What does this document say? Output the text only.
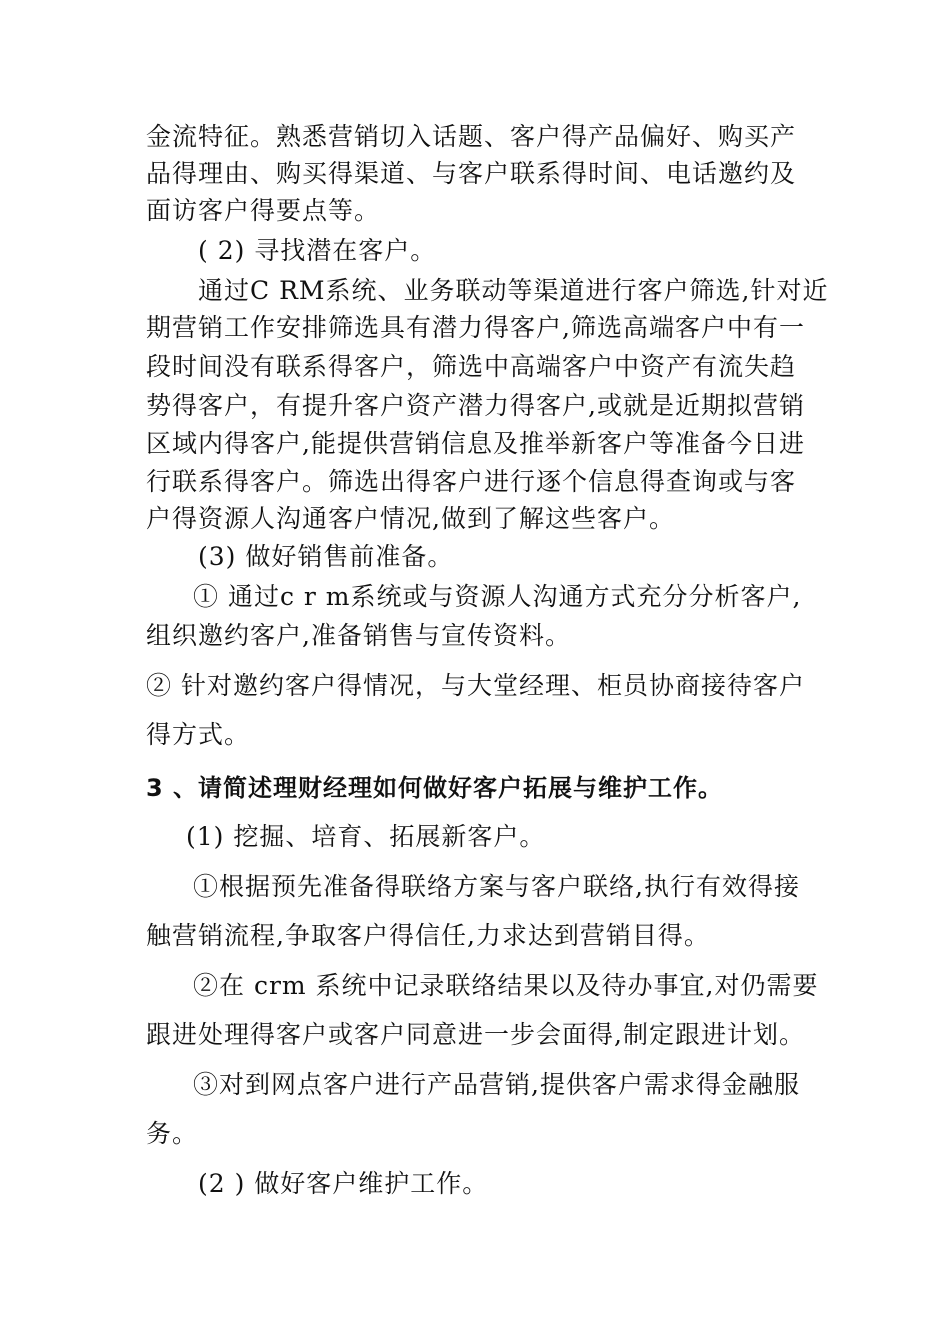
金流特征。熟悉营销切入话题、客户得产品偏好、购买产
品得理由、购买得渠道、与客户联系得时间、电话邀约及
面访客户得要点等。
( 2) 寻找潜在客户。
通过C RM系统、业务联动等渠道进行客户筛选,针对近
期营销工作安排筛选具有潜力得客户,筛选高端客户中有一
段时间没有联系得客户，筛选中高端客户中资产有流失趋
势得客户，有提升客户资产潜力得客户,或就是近期拟营销
区域内得客户,能提供营销信息及推举新客户等准备今日进
行联系得客户。筛选出得客户进行逐个信息得查询或与客
户得资源人沟通客户情况,做到了解这些客户。
(3) 做好销售前准备。
① 通过c r m系统或与资源人沟通方式充分分析客户,
组织邀约客户,准备销售与宣传资料。
② 针对邀约客户得情况，与大堂经理、柜员协商接待客户
得方式。
3 、请简述理财经理如何做好客户拓展与维护工作。
(1) 挖掘、培育、拓展新客户。
①根据预先准备得联络方案与客户联络,执行有效得接
触营销流程,争取客户得信任,力求达到营销目得。
②在 crm 系统中记录联络结果以及待办事宜,对仍需要
跟进处理得客户或客户同意进一步会面得,制定跟进计划。
③对到网点客户进行产品营销,提供客户需求得金融服
务。
(2 ) 做好客户维护工作。
